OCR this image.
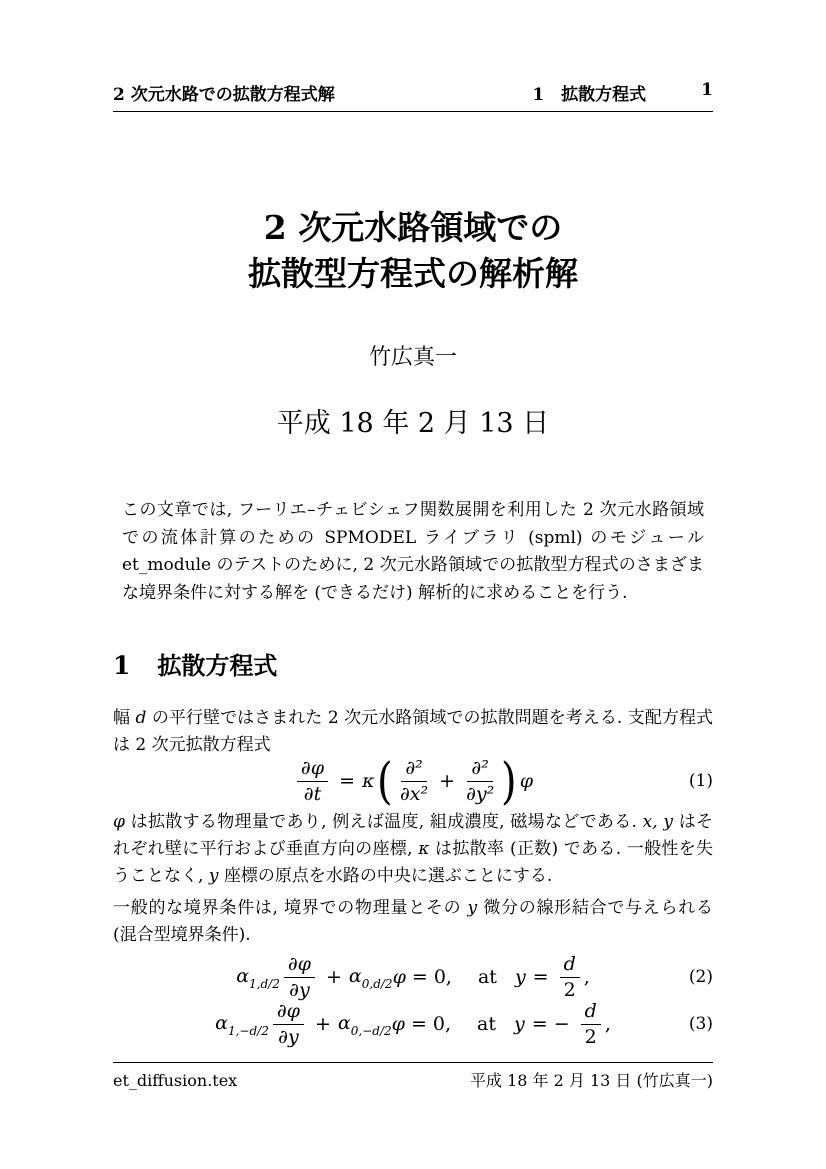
2 次元水路での拡散方程式解	1　拡散方程式	1
2 次元水路領域での
拡散型方程式の解析解
竹広真一
平成 18 年 2 月 13 日
この文章では, フーリエ–チェビシェフ関数展開を利用した 2 次元水路領域での流体計算のための SPMODEL ライブラリ (spml) のモジュール et_module のテストのために, 2 次元水路領域での拡散型方程式のさまざまな境界条件に対する解を (できるだけ) 解析的に求めることを行う.
1 拡散方程式
幅 d の平行壁ではさまれた 2 次元水路領域での拡散問題を考える. 支配方程式は 2 次元拡散方程式
$\frac{\partial\varphi}{\partial t} = \kappa$ ( $\frac{\text{∂²}}{\text{∂x²}} + \frac{\text{∂²}}{\text{∂y²}}$ ) φ	(1)
φ は拡散する物理量であり, 例えば温度, 組成濃度, 磁場などである. x, y はそれぞれ壁に平行および垂直方向の座標, κ は拡散率 (正数) である. 一般性を失うことなく, y 座標の原点を水路の中央に選ぶことにする.
一般的な境界条件は, 境界での物理量とその y 微分の線形結合で与えられる (混合型境界条件).
$\alpha_{1,d/2} \frac{\partial\varphi}{\partial y} + \alpha_{0,d/2}$ φ = 0, at $y = \frac{d}{2}$ ,	(2)
$\alpha_{1,-d/2} \frac{\partial\varphi}{\partial y} + \alpha_{0,-d/2}$ φ = 0, at y = − $\frac{d}{2}$ ,	(3)
et_diffusion.tex	平成 18 年 2 月 13 日 (竹広真一)
